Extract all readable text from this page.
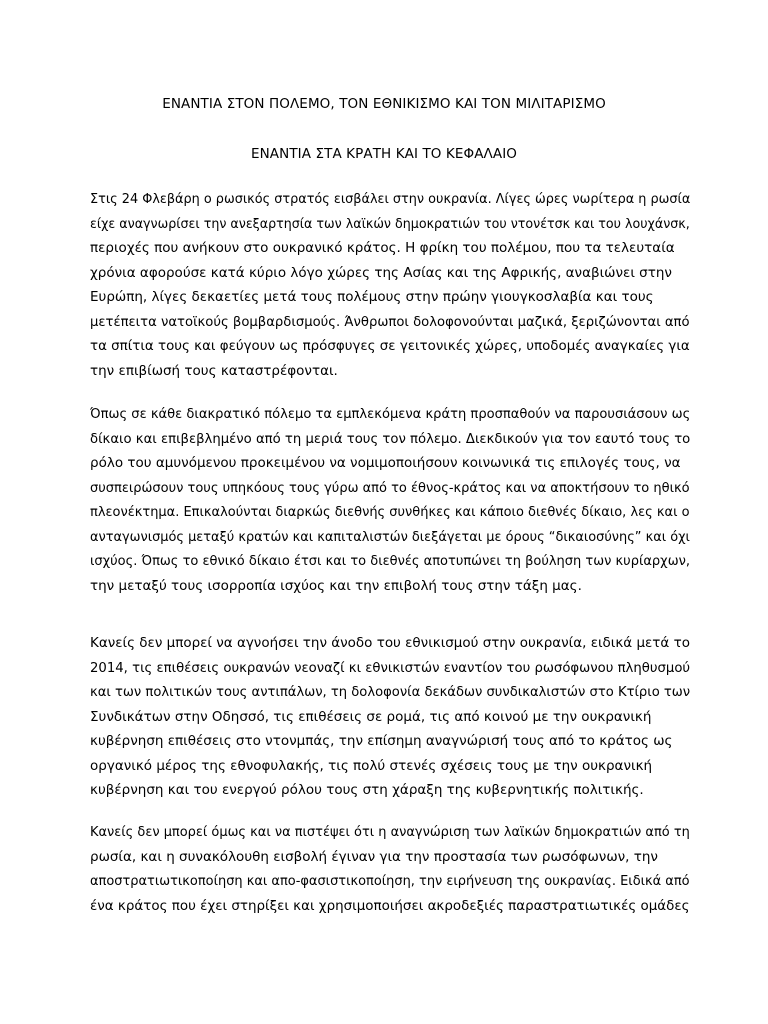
ΕΝΑΝΤΙΑ ΣΤΟΝ ΠΟΛΕΜΟ, ΤΟΝ ΕΘΝΙΚΙΣΜΟ ΚΑΙ ΤΟΝ ΜΙΛΙΤΑΡΙΣΜΟ
ΕΝΑΝΤΙΑ ΣΤΑ ΚΡΑΤΗ ΚΑΙ ΤΟ ΚΕΦΑΛΑΙΟ
Στις 24 Φλεβάρη ο ρωσικός στρατός εισβάλει στην ουκρανία. Λίγες ώρες νωρίτερα η ρωσία
είχε αναγνωρίσει την ανεξαρτησία των λαϊκών δημοκρατιών του ντονέτσκ και του λουχάνσκ,
περιοχές που ανήκουν στο ουκρανικό κράτος. Η φρίκη του πολέμου, που τα τελευταία
χρόνια αφορούσε κατά κύριο λόγο χώρες της Ασίας και της Αφρικής, αναβιώνει στην
Ευρώπη, λίγες δεκαετίες μετά τους πολέμους στην πρώην γιουγκοσλαβία και τους
μετέπειτα νατοϊκούς βομβαρδισμούς. Άνθρωποι δολοφονούνται μαζικά, ξεριζώνονται από
τα σπίτια τους και φεύγουν ως πρόσφυγες σε γειτονικές χώρες, υποδομές αναγκαίες για
την επιβίωσή τους καταστρέφονται.
Όπως σε κάθε διακρατικό πόλεμο τα εμπλεκόμενα κράτη προσπαθούν να παρουσιάσουν ως
δίκαιο και επιβεβλημένο από τη μεριά τους τον πόλεμο. Διεκδικούν για τον εαυτό τους το
ρόλο του αμυνόμενου προκειμένου να νομιμοποιήσουν κοινωνικά τις επιλογές τους, να
συσπειρώσουν τους υπηκόους τους γύρω από το έθνος-κράτος και να αποκτήσουν το ηθικό
πλεονέκτημα. Επικαλούνται διαρκώς διεθνής συνθήκες και κάποιο διεθνές δίκαιο, λες και ο
ανταγωνισμός μεταξύ κρατών και καπιταλιστών διεξάγεται με όρους “δικαιοσύνης” και όχι
ισχύος. Όπως το εθνικό δίκαιο έτσι και το διεθνές αποτυπώνει τη βούληση των κυρίαρχων,
την μεταξύ τους ισορροπία ισχύος και την επιβολή τους στην τάξη μας.
Κανείς δεν μπορεί να αγνοήσει την άνοδο του εθνικισμού στην ουκρανία, ειδικά μετά το
2014, τις επιθέσεις ουκρανών νεοναζί κι εθνικιστών εναντίον του ρωσόφωνου πληθυσμού
και των πολιτικών τους αντιπάλων, τη δολοφονία δεκάδων συνδικαλιστών στο Κτίριο των
Συνδικάτων στην Οδησσό, τις επιθέσεις σε ρομά, τις από κοινού με την ουκρανική
κυβέρνηση επιθέσεις στο ντονμπάς, την επίσημη αναγνώρισή τους από το κράτος ως
οργανικό μέρος της εθνοφυλακής, τις πολύ στενές σχέσεις τους με την ουκρανική
κυβέρνηση και του ενεργού ρόλου τους στη χάραξη της κυβερνητικής πολιτικής.
Κανείς δεν μπορεί όμως και να πιστέψει ότι η αναγνώριση των λαϊκών δημοκρατιών από τη
ρωσία, και η συνακόλουθη εισβολή έγιναν για την προστασία των ρωσόφωνων, την
αποστρατιωτικοποίηση και απο-φασιστικοποίηση, την ειρήνευση της ουκρανίας. Ειδικά από
ένα κράτος που έχει στηρίξει και χρησιμοποιήσει ακροδεξιές παραστρατιωτικές ομάδες
